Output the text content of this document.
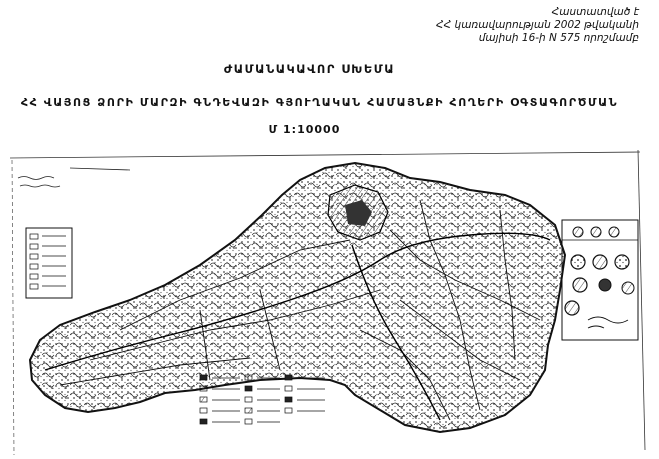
Հաստատված է
ՀՀ կառավարության 2002 թվականի
մայիսի 16-ի N 575 որոշմամբ
ԺԱՄԱՆԱԿԱՎՈՐ ՍԽԵՄԱ
ՀՀ ՎԱՅՈՑ ՁՈՐԻ ՄԱՐԶԻ ԳՆԴԵՎԱԶԻ ԳՅՈՒՂԱԿԱՆ ՀԱՄԱՅՆՔԻ ՀՈՂԵՐԻ ՕԳՏԱԳՈՐԾՄԱՆ
Մ 1:10000
